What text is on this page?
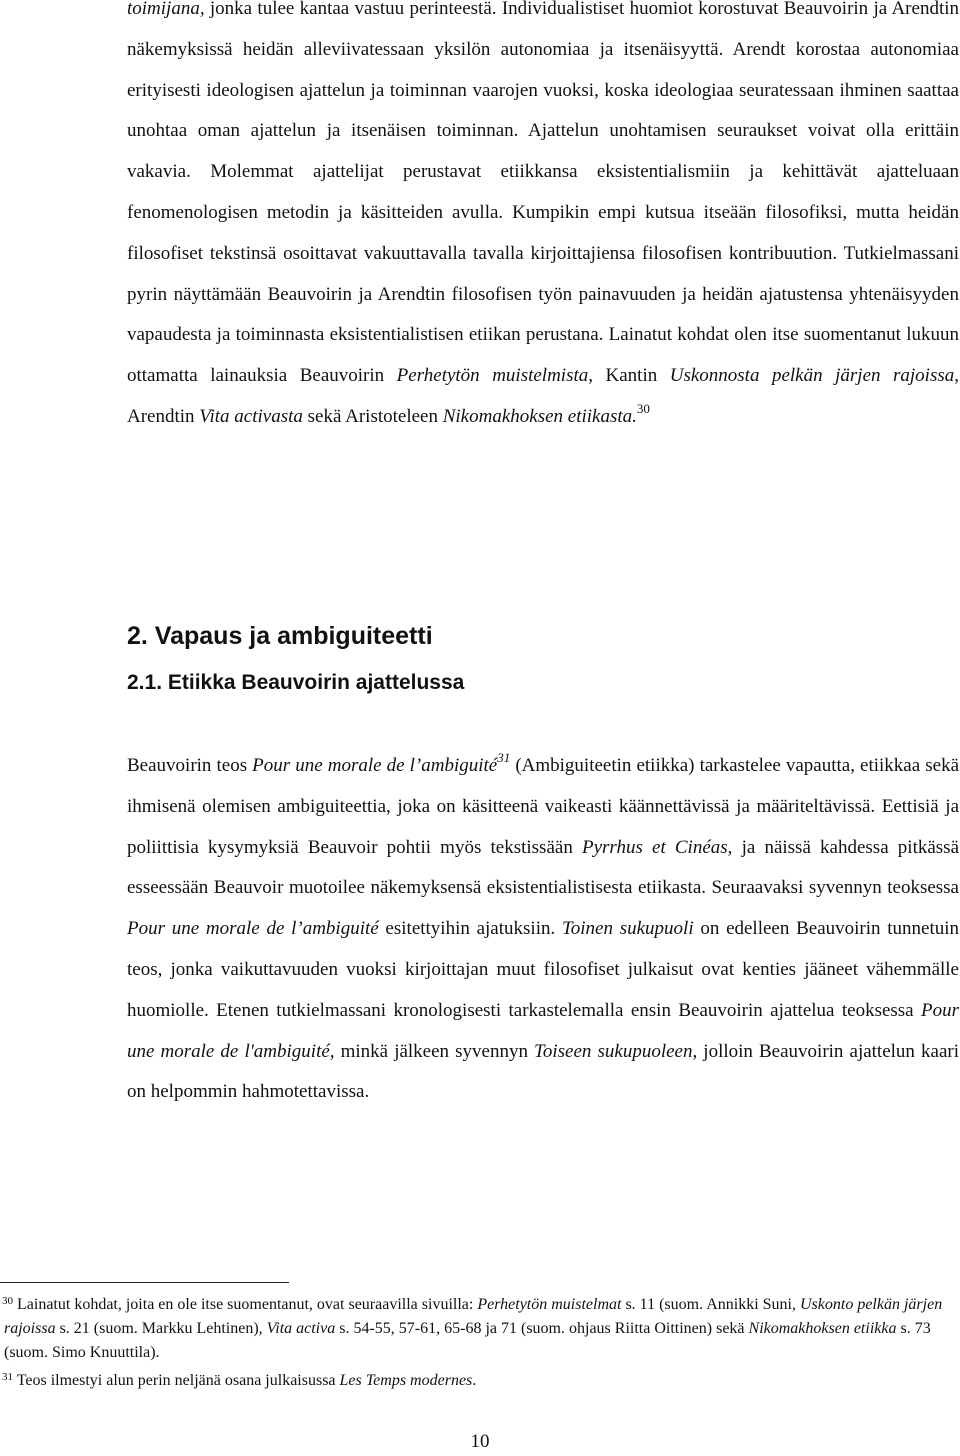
toimijana, jonka tulee kantaa vastuu perinteestä. Individualistiset huomiot korostuvat Beauvoirin ja Arendtin näkemyksissä heidän alleviivatessaan yksilön autonomiaa ja itsenäisyyttä. Arendt korostaa autonomiaa erityisesti ideologisen ajattelun ja toiminnan vaarojen vuoksi, koska ideologiaa seuratessaan ihminen saattaa unohtaa oman ajattelun ja itsenäisen toiminnan. Ajattelun unohtamisen seuraukset voivat olla erittäin vakavia. Molemmat ajattelijat perustavat etiikkansa eksistentialismiin ja kehittävät ajatteluaan fenomenologisen metodin ja käsitteiden avulla. Kumpikin empi kutsua itseään filosofiksi, mutta heidän filosofiset tekstinsä osoittavat vakuuttavalla tavalla kirjoittajiensa filosofisen kontribuution. Tutkielmassani pyrin näyttämään Beauvoirin ja Arendtin filosofisen työn painavuuden ja heidän ajatustensa yhtenäisyyden vapaudesta ja toiminnasta eksistentialistisen etiikan perustana. Lainatut kohdat olen itse suomentanut lukuun ottamatta lainauksia Beauvoirin Perhetytön muistelmista, Kantin Uskonnosta pelkän järjen rajoissa, Arendtin Vita activasta sekä Aristoteleen Nikomakhoksen etiikasta.$^{30}$

2. Vapaus ja ambiguiteetti
2.1. Etiikka Beauvoirin ajattelussa

Beauvoirin teos Pour une morale de l’ambiguité$^{31}$ (Ambiguiteetin etiikka) tarkastelee vapautta, etiikkaa sekä ihmisenä olemisen ambiguiteettia, joka on käsitteenä vaikeasti käännettävissä ja määriteltävissä. Eettisiä ja poliittisia kysymyksiä Beauvoir pohtii myös tekstissään Pyrrhus et Cinéas, ja näissä kahdessa pitkässä esseessään Beauvoir muotoilee näkemyksensä eksistentialistisesta etiikasta. Seuraavaksi syvennyn teoksessa Pour une morale de l’ambiguité esitettyihin ajatuksiin. Toinen sukupuoli on edelleen Beauvoirin tunnetuin teos, jonka vaikuttavuuden vuoksi kirjoittajan muut filosofiset julkaisut ovat kenties jääneet vähemmälle huomiolle. Etenen tutkielmassani kronologisesti tarkastelemalla ensin Beauvoirin ajattelua teoksessa Pour une morale de l'ambiguité, minkä jälkeen syvennyn Toiseen sukupuoleen, jolloin Beauvoirin ajattelun kaari on helpommin hahmotettavissa.

$^{30}$ Lainatut kohdat, joita en ole itse suomentanut, ovat seuraavilla sivuilla: Perhetytön muistelmat s. 11 (suom. Annikki Suni, Uskonto pelkän järjen rajoissa s. 21 (suom. Markku Lehtinen), Vita activa s. 54-55, 57-61, 65-68 ja 71 (suom. ohjaus Riitta Oittinen) sekä Nikomakhoksen etiikka s. 73 (suom. Simo Knuuttila).

$^{31}$ Teos ilmestyi alun perin neljänä osana julkaisussa Les Temps modernes.

10
